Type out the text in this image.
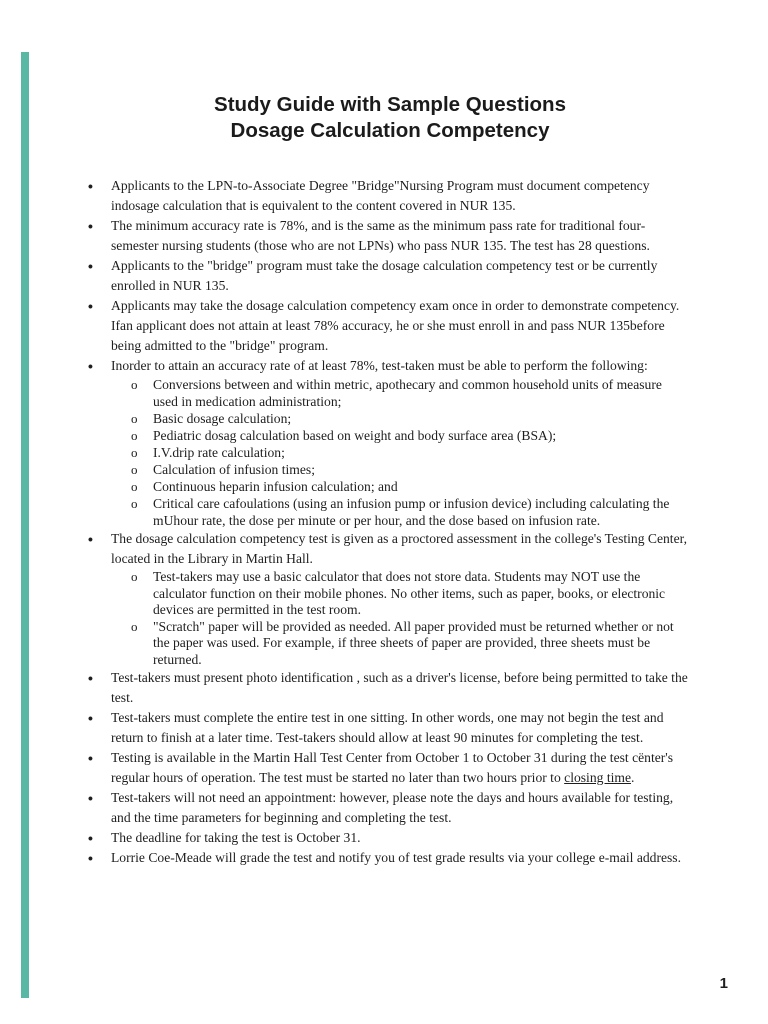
Study Guide with Sample Questions
Dosage Calculation Competency
• Applicants to the LPN-to-Associate Degree "Bridge"Nursing Program must document competency indosage calculation that is equivalent to the content covered in NUR 135.
• The minimum accuracy rate is 78%, and is the same as the minimum pass rate for traditional four-semester nursing students (those who are not LPNs) who pass NUR 135. The test has 28 questions.
• Applicants to the "bridge" program must take the dosage calculation competency test or be currently enrolled in NUR 135.
• Applicants may take the dosage calculation competency exam once in order to demonstrate competency. Ifan applicant does not attain at least 78% accuracy, he or she must enroll in and pass NUR 135before being admitted to the "bridge" program.
• Inorder to attain an accuracy rate of at least 78%, test-taken must be able to perform the following:
o Conversions between and within metric, apothecary and common household units of measure used in medication administration;
o Basic dosage calculation;
o Pediatric dosag calculation based on weight and body surface area (BSA);
o I.V.drip rate calculation;
o Calculation of infusion times;
o Continuous heparin infusion calculation; and
o Critical care cafoulations (using an infusion pump or infusion device) including calculating the mUhour rate, the dose per minute or per hour, and the dose based on infusion rate.
• The dosage calculation competency test is given as a proctored assessment in the college's Testing Center, located in the Library in Martin Hall.
o Test-takers may use a basic calculator that does not store data. Students may NOT use the calculator function on their mobile phones. No other items, such as paper, books, or electronic devices are permitted in the test room.
o "Scratch" paper will be provided as needed. All paper provided must be returned whether or not the paper was used. For example, if three sheets of paper are provided, three sheets must be returned.
• Test-takers must present photo identification , such as a driver's license, before being permitted to take the test.
• Test-takers must complete the entire test in one sitting. In other words, one may not begin the test and return to finish at a later time. Test-takers should allow at least 90 minutes for completing the test.
• Testing is available in the Martin Hall Test Center from October 1 to October 31 during the test cënter's regular hours of operation. The test must be started no later than two hours prior to closing time.
• Test-takers will not need an appointment: however, please note the days and hours available for testing, and the time parameters for beginning and completing the test.
• The deadline for taking the test is October 31.
• Lorrie Coe-Meade will grade the test and notify you of test grade results via your college e-mail address.
1
